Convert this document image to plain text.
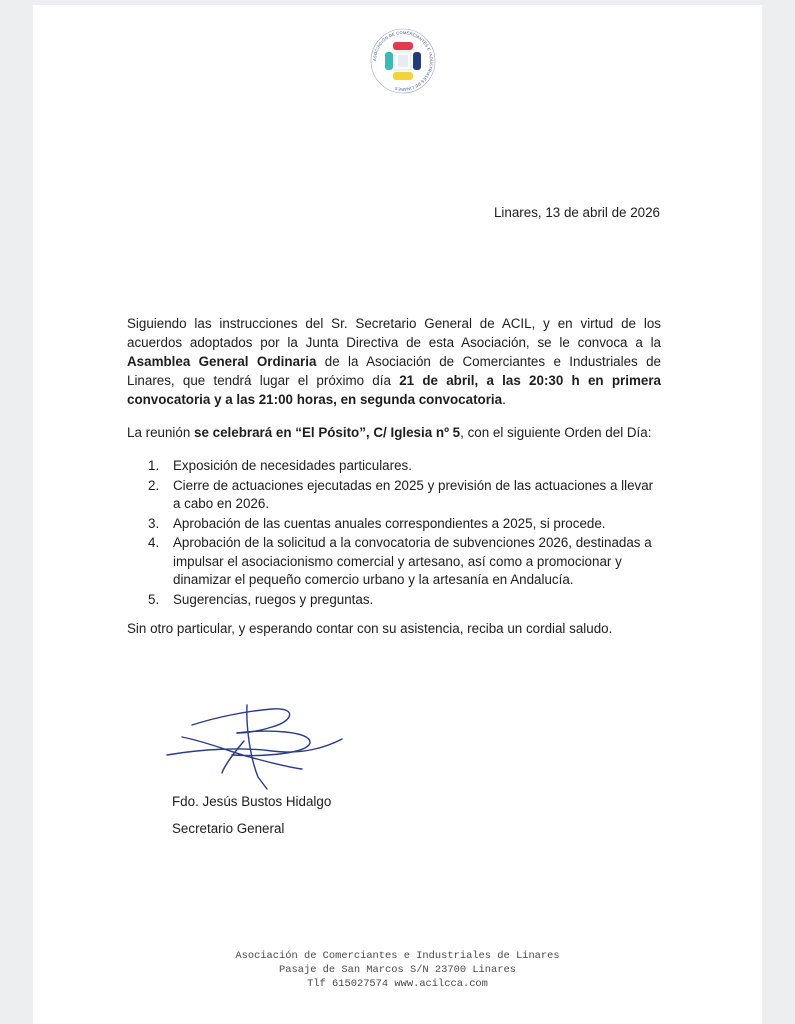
ASOCIACIÓN DE COMERCIANTES E INDUSTRIALES DE LINARES
Linares, 13 de abril de 2026
Siguiendo las instrucciones del Sr. Secretario General de ACIL, y en virtud de los acuerdos adoptados por la Junta Directiva de esta Asociación, se le convoca a la Asamblea General Ordinaria de la Asociación de Comerciantes e Industriales de Linares, que tendrá lugar el próximo día 21 de abril, a las 20:30 h en primera convocatoria y a las 21:00 horas, en segunda convocatoria.
La reunión se celebrará en “El Pósito”, C/ Iglesia nº 5, con el siguiente Orden del Día:
1. Exposición de necesidades particulares.
2. Cierre de actuaciones ejecutadas en 2025 y previsión de las actuaciones a llevar a cabo en 2026.
3. Aprobación de las cuentas anuales correspondientes a 2025, si procede.
4. Aprobación de la solicitud a la convocatoria de subvenciones 2026, destinadas a impulsar el asociacionismo comercial y artesano, así como a promocionar y dinamizar el pequeño comercio urbano y la artesanía en Andalucía.
5. Sugerencias, ruegos y preguntas.
Sin otro particular, y esperando contar con su asistencia, reciba un cordial saludo.
Fdo. Jesús Bustos Hidalgo
Secretario General
Asociación de Comerciantes e Industriales de Linares
Pasaje de San Marcos S/N 23700 Linares
Tlf 615027574 www.acilcca.com
